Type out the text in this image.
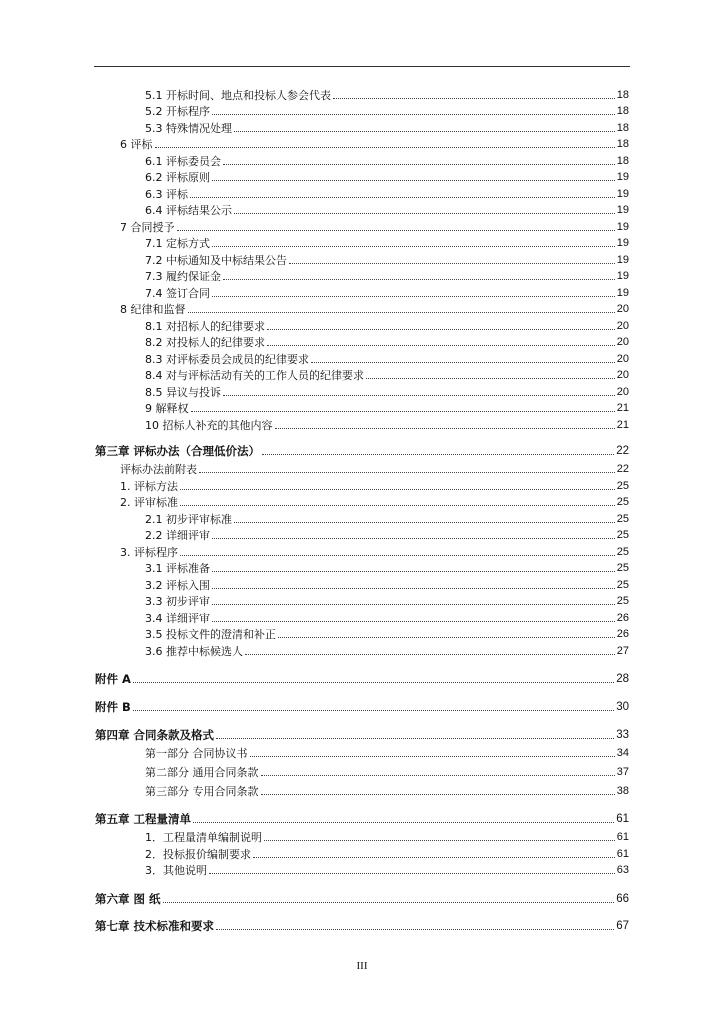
5.1 开标时间、地点和投标人参会代表	18
5.2 开标程序	18
5.3 特殊情况处理	18
6 评标	18
6.1 评标委员会	18
6.2 评标原则	19
6.3 评标	19
6.4 评标结果公示	19
7 合同授予	19
7.1 定标方式	19
7.2 中标通知及中标结果公告	19
7.3 履约保证金	19
7.4 签订合同	19
8 纪律和监督	20
8.1 对招标人的纪律要求	20
8.2 对投标人的纪律要求	20
8.3 对评标委员会成员的纪律要求	20
8.4 对与评标活动有关的工作人员的纪律要求	20
8.5 异议与投诉	20
9 解释权	21
10 招标人补充的其他内容	21
第三章 评标办法（合理低价法）	22
评标办法前附表	22
1. 评标方法	25
2. 评审标准	25
2.1 初步评审标准	25
2.2 详细评审	25
3. 评标程序	25
3.1 评标准备	25
3.2 评标入围	25
3.3 初步评审	25
3.4 详细评审	26
3.5 投标文件的澄清和补正	26
3.6 推荐中标候选人	27
附件 A	28
附件 B	30
第四章 合同条款及格式	33
第一部分 合同协议书	34
第二部分 通用合同条款	37
第三部分 专用合同条款	38
第五章 工程量清单	61
1．工程量清单编制说明	61
2．投标报价编制要求	61
3．其他说明	63
第六章 图 纸	66
第七章 技术标准和要求	67
III
